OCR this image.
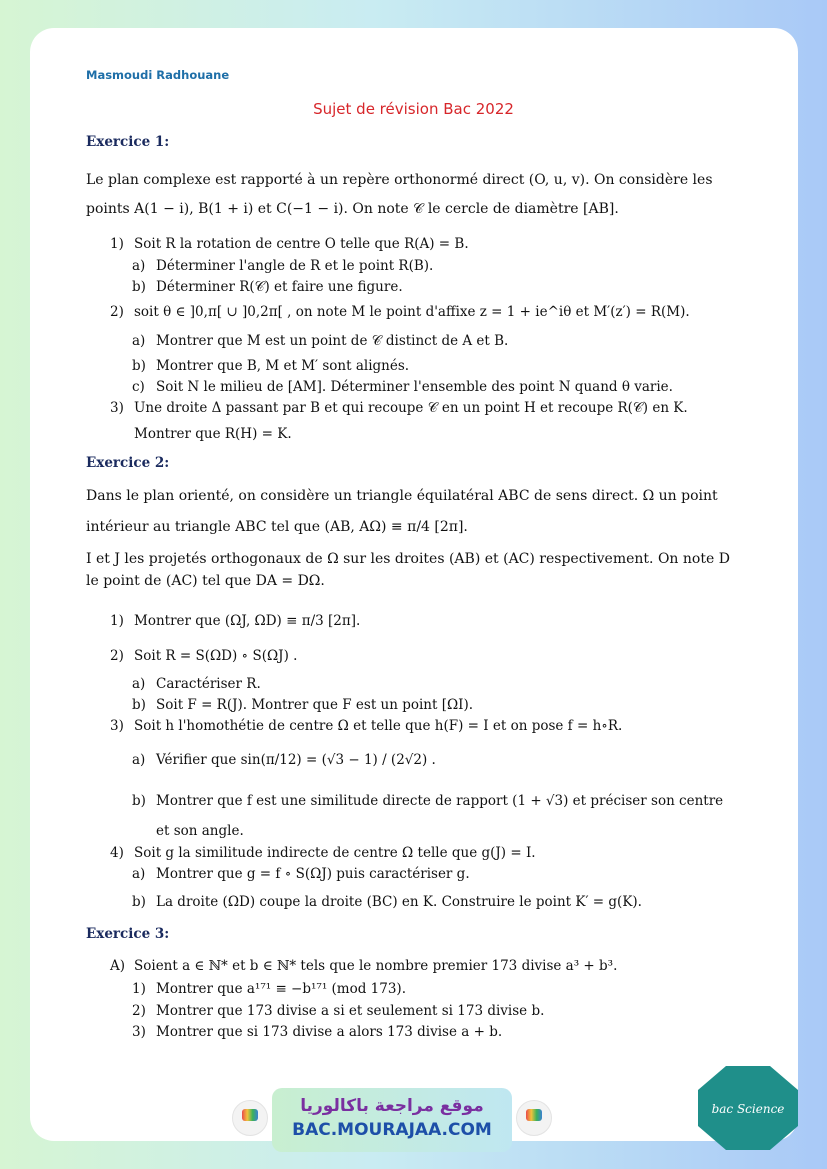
Masmoudi Radhouane
Sujet de révision Bac 2022
Exercice 1:
Le plan complexe est rapporté à un repère orthonormé direct (O, u, v). On considère les
points A(1 − i), B(1 + i) et C(−1 − i). On note 𝒞 le cercle de diamètre [AB].
1) Soit R la rotation de centre O telle que R(A) = B.
a) Déterminer l'angle de R et le point R(B).
b) Déterminer R(𝒞) et faire une figure.
2) soit θ ∈ ]0,π[ ∪ ]0,2π[ , on note M le point d'affixe z = 1 + ie^iθ et M′(z′) = R(M).
a) Montrer que M est un point de 𝒞 distinct de A et B.
b) Montrer que B, M et M′ sont alignés.
c) Soit N le milieu de [AM]. Déterminer l'ensemble des point N quand θ varie.
3) Une droite Δ passant par B et qui recoupe 𝒞 en un point H et recoupe R(𝒞) en K.
Montrer que R(H) = K.
Exercice 2:
Dans le plan orienté, on considère un triangle équilatéral ABC de sens direct. Ω un point
intérieur au triangle ABC tel que (AB, AΩ) ≡ π/4 [2π].
I et J les projetés orthogonaux de Ω sur les droites (AB) et (AC) respectivement. On note D
le point de (AC) tel que DA = DΩ.
1) Montrer que (ΩJ, ΩD) ≡ π/3 [2π].
2) Soit R = S(ΩD) ∘ S(ΩJ) .
a) Caractériser R.
b) Soit F = R(J). Montrer que F est un point [ΩI).
3) Soit h l'homothétie de centre Ω et telle que h(F) = I et on pose f = h∘R.
a) Vérifier que sin(π/12) = (√3 − 1) / (2√2) .
b) Montrer que f est une similitude directe de rapport (1 + √3) et préciser son centre
et son angle.
4) Soit g la similitude indirecte de centre Ω telle que g(J) = I.
a) Montrer que g = f ∘ S(ΩJ) puis caractériser g.
b) La droite (ΩD) coupe la droite (BC) en K. Construire le point K′ = g(K).
Exercice 3:
A) Soient a ∈ ℕ* et b ∈ ℕ* tels que le nombre premier 173 divise a³ + b³.
1) Montrer que a¹⁷¹ ≡ −b¹⁷¹ (mod 173).
2) Montrer que 173 divise a si et seulement si 173 divise b.
3) Montrer que si 173 divise a alors 173 divise a + b.
موقع مراجعة باكالوريا
BAC.MOURAJAA.COM
bac Science
